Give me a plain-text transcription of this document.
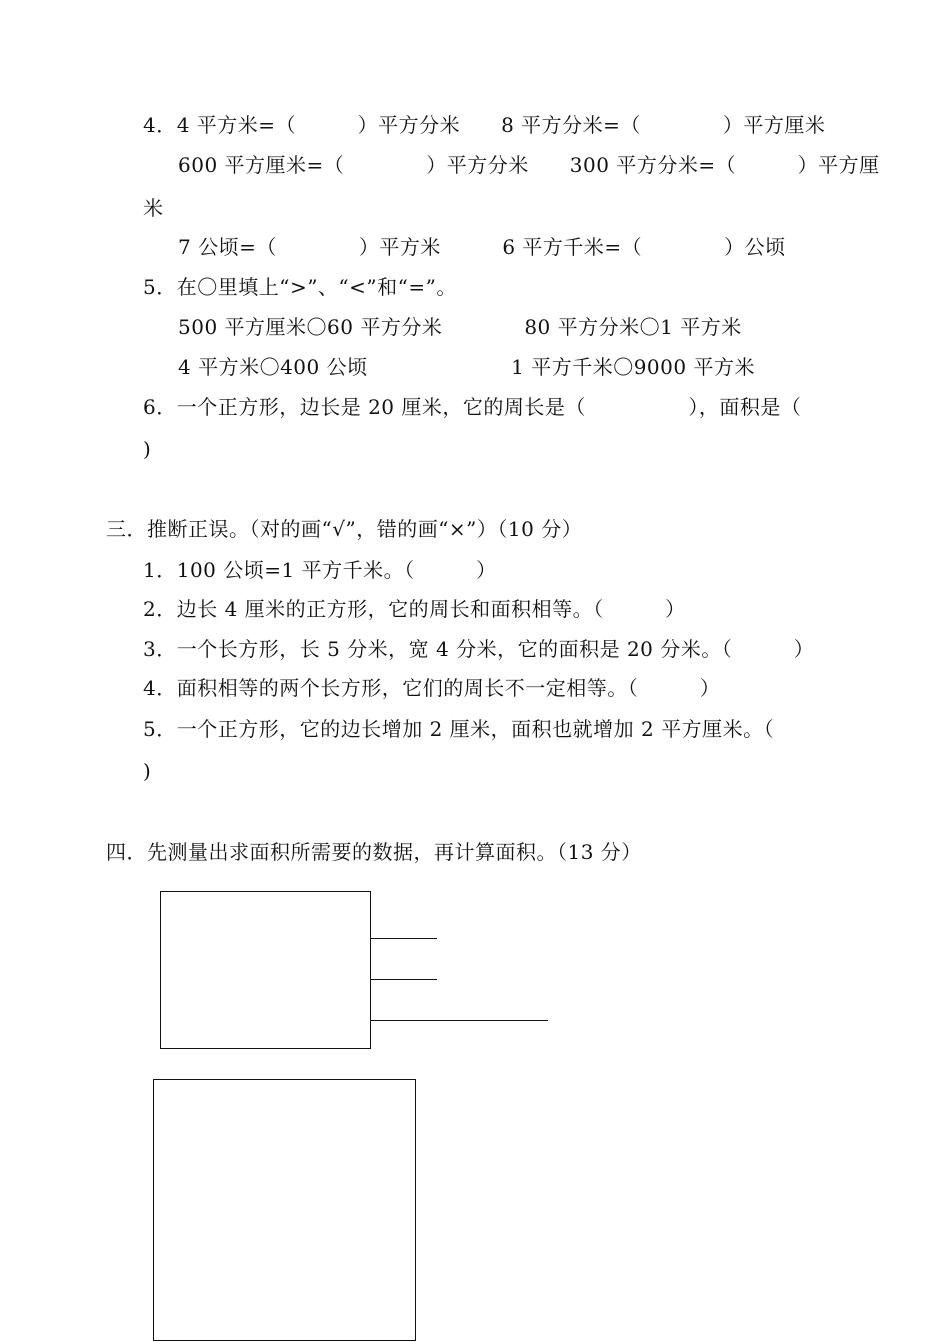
4．4 平方米=（　　　）平方分米　　8 平方分米=（　　　　）平方厘米
600 平方厘米=（　　　　）平方分米　　300 平方分米=（　　　）平方厘
米
7 公顷=（　　　　）平方米　　　6 平方千米=（　　　　）公顷
5．在〇里填上“>”、“<”和“=”。
500 平方厘米〇60 平方分米　　　　80 平方分米〇1 平方米
4 平方米〇400 公顷　　　　　　　1 平方千米〇9000 平方米
6．一个正方形，边长是 20 厘米，它的周长是（　　　　　），面积是（
)
三．推断正误。（对的画“√”，错的画“×”）（10 分）
1．100 公顷=1 平方千米。（　　　）
2．边长 4 厘米的正方形，它的周长和面积相等。（　　　）
3．一个长方形，长 5 分米，宽 4 分米，它的面积是 20 分米。（　　　）
4．面积相等的两个长方形，它们的周长不一定相等。（　　　）
5．一个正方形，它的边长增加 2 厘米，面积也就增加 2 平方厘米。（
)
四．先测量出求面积所需要的数据，再计算面积。（13 分）
